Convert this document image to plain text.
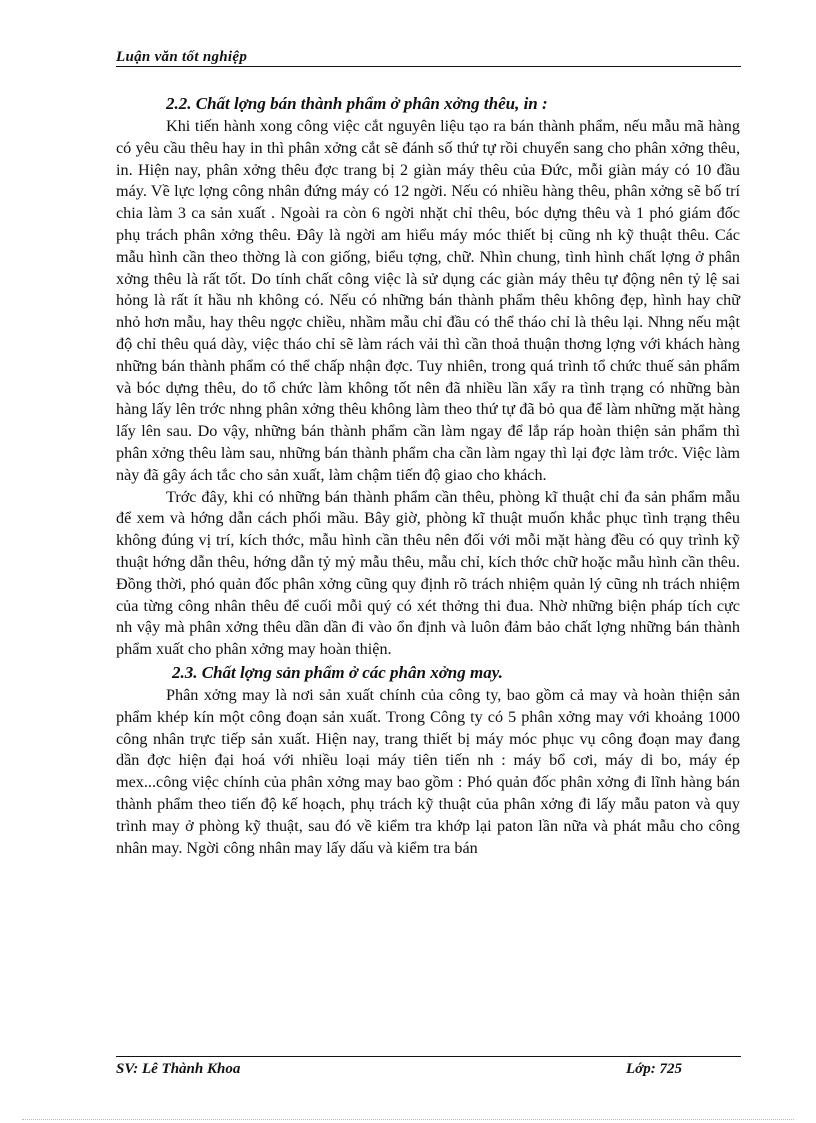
Luận văn tốt nghiệp

2.2. Chất lợng bán thành phẩm ở phân xởng thêu, in :

Khi tiến hành xong công việc cắt nguyên liệu tạo ra bán thành phẩm, nếu mẫu mã hàng có yêu cầu thêu hay in thì phân xởng cắt sẽ đánh số thứ tự rồi chuyển sang cho phân xởng thêu, in. Hiện nay, phân xởng thêu đợc trang bị 2 giàn máy thêu của Đức, mỗi giàn máy có 10 đầu máy. Về lực lợng công nhân đứng máy có 12 ngời. Nếu có nhiều hàng thêu, phân xởng sẽ bố trí chia làm 3 ca sản xuất . Ngoài ra còn 6 ngời nhặt chỉ thêu, bóc dựng thêu và 1 phó giám đốc phụ trách phân xởng thêu. Đây là ngời am hiểu máy móc thiết bị cũng nh kỹ thuật thêu. Các mẫu hình cần theo thờng là con giống, biểu tợng, chữ. Nhìn chung, tình hình chất lợng ở phân xởng thêu là rất tốt. Do tính chất công việc là sử dụng các giàn máy thêu tự động nên tỷ lệ sai hỏng là rất ít hầu nh không có. Nếu có những bán thành phẩm thêu không đẹp, hình hay chữ nhỏ hơn mẫu, hay thêu ngợc chiều, nhầm mẫu chỉ đầu có thể tháo chỉ là thêu lại. Nhng nếu mật độ chỉ thêu quá dày, việc tháo chỉ sẽ làm rách vải thì cần thoả thuận thơng lợng với khách hàng những bán thành phẩm có thể chấp nhận đợc. Tuy nhiên, trong quá trình tổ chức thuế sản phẩm và bóc dựng thêu, do tổ chức làm không tốt nên đã nhiều lần xẩy ra tình trạng có những bàn hàng lấy lên trớc nhng phân xởng thêu không làm theo thứ tự đã bỏ qua để làm những mặt hàng lấy lên sau. Do vậy, những bán thành phẩm cần làm ngay để lắp ráp hoàn thiện sản phẩm thì phân xởng thêu làm sau, những bán thành phẩm cha cần làm ngay thì lại đợc làm trớc. Việc làm này đã gây ách tắc cho sản xuất, làm chậm tiến độ giao cho khách.

Trớc đây, khi có những bán thành phẩm cần thêu, phòng kĩ thuật chỉ đa sản phẩm mẫu để xem và hớng dẫn cách phối mầu. Bây giờ, phòng kĩ thuật muốn khắc phục tình trạng thêu không đúng vị trí, kích thớc, mẫu hình cần thêu nên đối với mỗi mặt hàng đều có quy trình kỹ thuật hớng dẫn thêu, hớng dẫn tỷ mỷ mẫu thêu, mẫu chỉ, kích thớc chữ hoặc mẫu hình cần thêu. Đồng thời, phó quản đốc phân xởng cũng quy định rõ trách nhiệm quản lý cũng nh trách nhiệm của từng công nhân thêu để cuối mỗi quý có xét thởng thi đua. Nhờ những biện pháp tích cực nh vậy mà phân xởng thêu dần dần đi vào ổn định và luôn đảm bảo chất lợng những bán thành phẩm xuất cho phân xởng may hoàn thiện.

2.3. Chất lợng sản phẩm ở các phân xởng may.

Phân xởng may là nơi sản xuất chính của công ty, bao gồm cả may và hoàn thiện sản phẩm khép kín một công đoạn sản xuất. Trong Công ty có 5 phân xởng may với khoảng 1000 công nhân trực tiếp sản xuất. Hiện nay, trang thiết bị máy móc phục vụ công đoạn may đang dần đợc hiện đại hoá với nhiều loại máy tiên tiến nh : máy bổ cơi, máy di bo, máy ép mex...công việc chính của phân xởng may bao gồm : Phó quản đốc phân xởng đi lĩnh hàng bán thành phẩm theo tiến độ kế hoạch, phụ trách kỹ thuật của phân xởng đi lấy mẫu paton và quy trình may ở phòng kỹ thuật, sau đó về kiểm tra khớp lại paton lần nữa và phát mẫu cho công nhân may. Ngời công nhân may lấy dấu và kiểm tra bán

SV: Lê Thành Khoa	Lớp: 725
